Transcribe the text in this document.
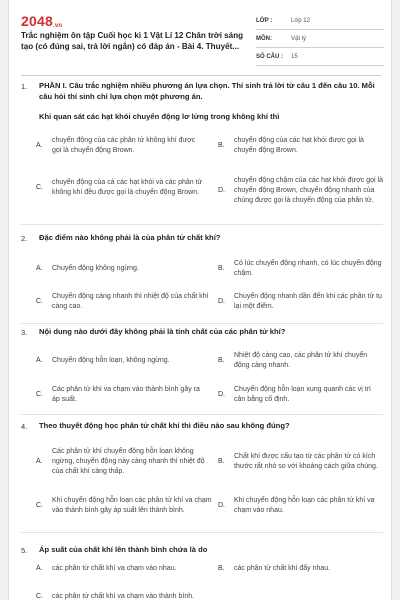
2048.vn
Trắc nghiệm ôn tập Cuối học kì 1 Vật Lí 12 Chân trời sáng tạo (có đúng sai, trả lời ngắn) có đáp án - Bài 4. Thuyết...
LỚP :	Lớp 12
MÔN:	Vật lý
SỐ CÂU :	15
1. PHẦN I. Câu trắc nghiệm nhiều phương án lựa chọn. Thí sinh trả lời từ câu 1 đến câu 10. Mỗi câu hỏi thí sinh chỉ lựa chọn một phương án.
Khi quan sát các hạt khói chuyển động lơ lửng trong không khí thì
A.
chuyển động của các phân tử không khí được gọi là chuyển động Brown.
B.
chuyển động của các hạt khói được gọi là chuyển động Brown.
C.
chuyển động của cả các hạt khói và các phân tử không khí đều được gọi là chuyển động Brown.	D.
chuyển động chậm của các hạt khói được gọi là chuyển động Brown, chuyển động nhanh của chúng được gọi là chuyển động của phân tử.
2. Đặc điểm nào không phải là của phân tử chất khí?
A.	Chuyển động không ngừng.	B.
Có lúc chuyển động nhanh, có lúc chuyển động chậm.
C.
Chuyển động càng nhanh thì nhiệt độ của chất khí càng cao.
D.
Chuyển động nhanh dần đến khi các phân tử tụ lại một điểm.
3. Nội dung nào dưới đây không phải là tính chất của các phân tử khí?
A.	Chuyển động hỗn loạn, không ngừng.	B.
Nhiệt độ càng cao, các phân tử khí chuyển động càng nhanh.
C.
Các phân tử khí va chạm vào thành bình gây ra áp suất.
D.
Chuyển động hỗn loạn xung quanh các vị trí cân bằng cố định.
4. Theo thuyết động học phân tử chất khí thì điều nào sau không đúng?
A.
Các phân tử khí chuyển động hỗn loạn không ngừng, chuyển động này càng nhanh thì nhiệt độ của chất khí càng thấp.
B.
Chất khí được cấu tạo từ các phân tử có kích thước rất nhỏ so với khoảng cách giữa chúng.
C.
Khi chuyển động hỗn loạn các phân tử khí va chạm vào thành bình gây áp suất lên thành bình.
D.
Khi chuyển động hỗn loạn các phân tử khí va chạm vào nhau.
5. Áp suất của chất khí lên thành bình chứa là do
A.	các phân tử chất khí va chạm vào nhau.	B.	các phân tử chất khí đẩy nhau.
C.	các phân tử chất khí va chạm vào thành bình.
